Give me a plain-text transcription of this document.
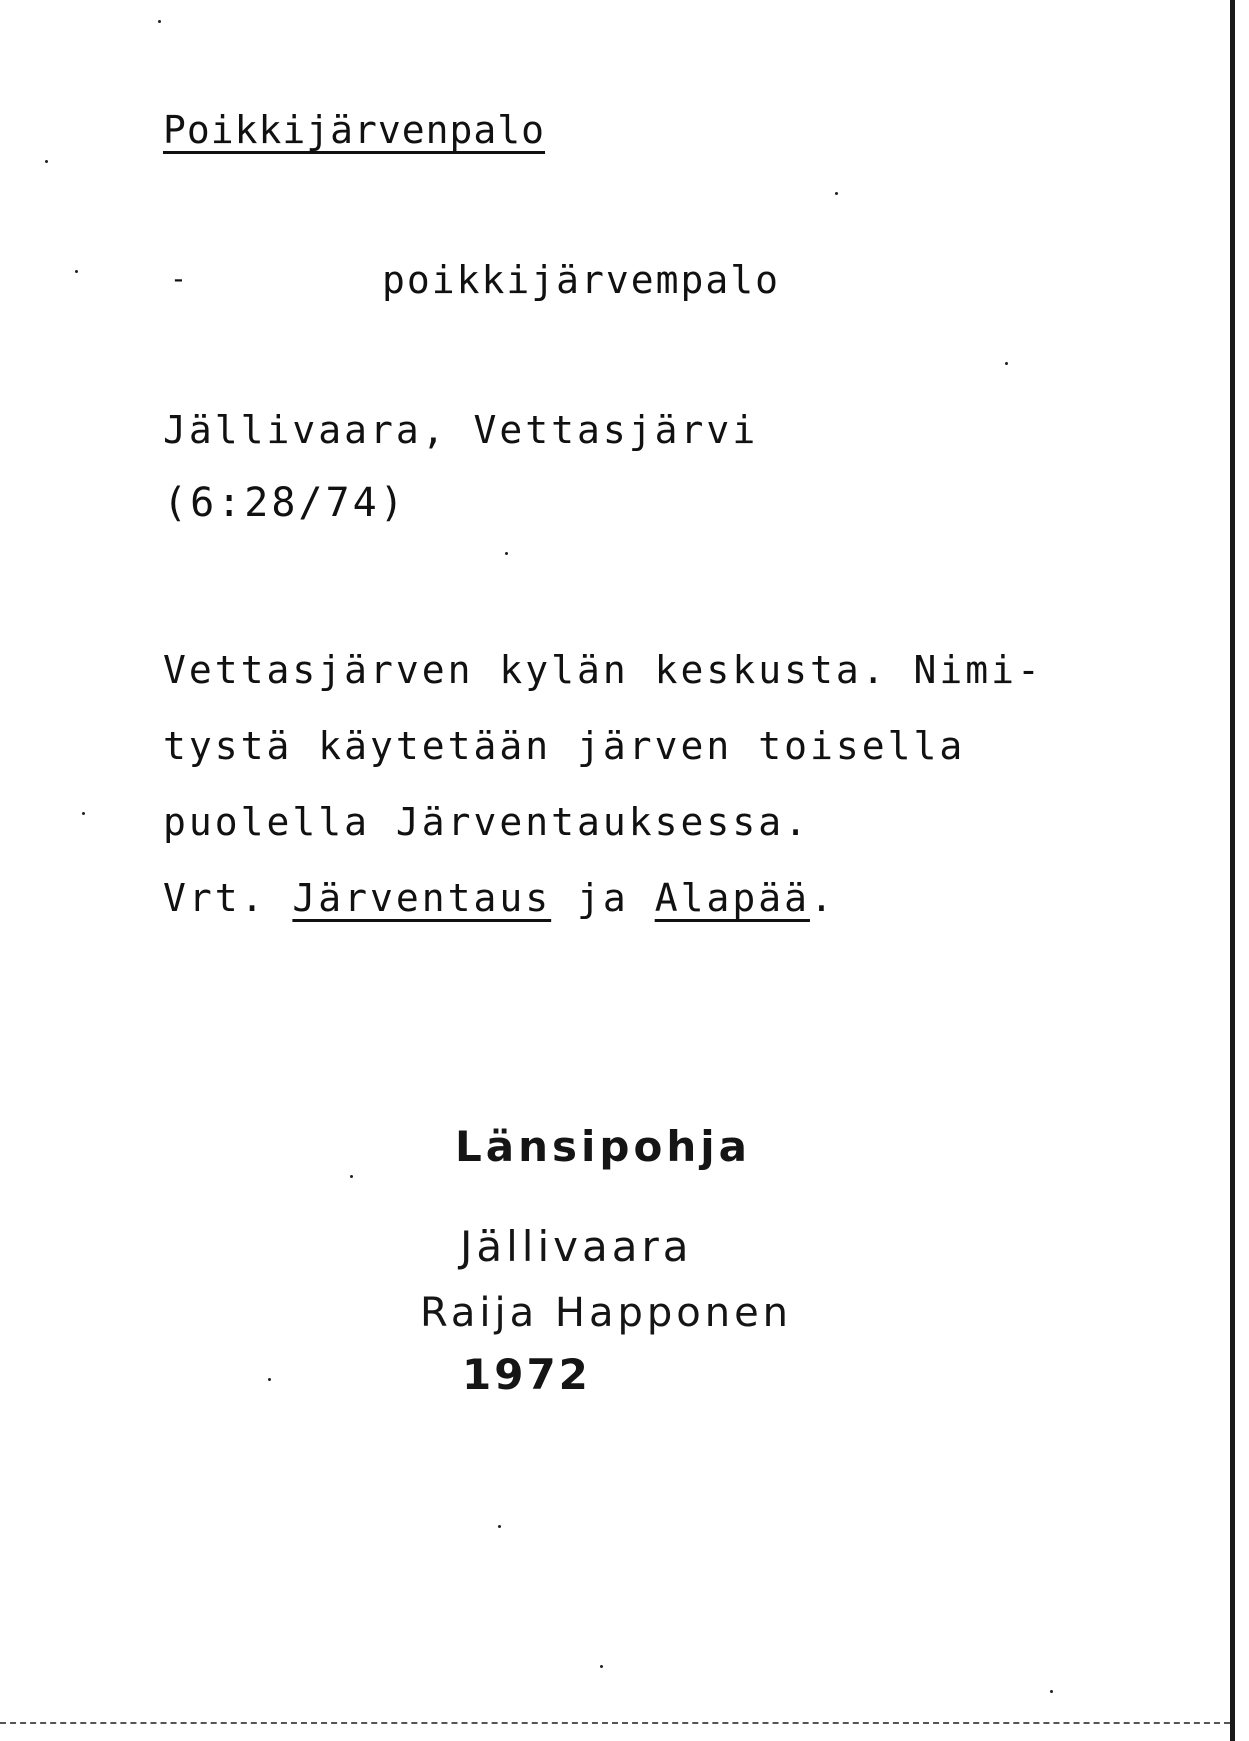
Poikkijärvenpalo

-	poikkijärvempalo

Jällivaara, Vettasjärvi

(6:28/74)

Vettasjärven kylän keskusta. Nimi-
tystä käytetään järven toisella
puolella Järventauksessa.
Vrt. Järventaus ja Alapää.

Länsipohja

Jällivaara

Raija Happonen

1972
